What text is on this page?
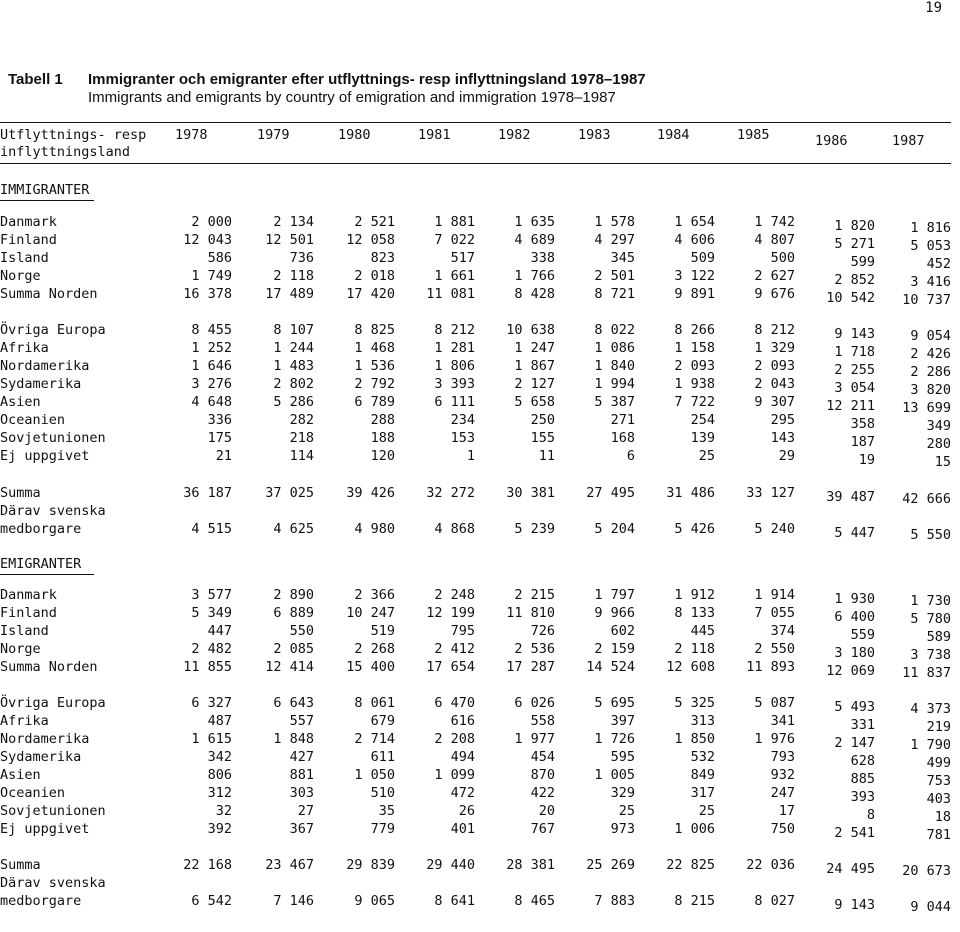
19
Tabell 1 Immigranter och emigranter efter utflyttnings- resp inflyttningsland 1978–1987
Immigrants and emigrants by country of emigration and immigration 1978–1987
Utflyttnings- resp
inflyttningsland
1978	1979	1980	1981	1982	1983	1984	1985	1986	1987
IMMIGRANTER
Danmark	2 000	2 134	2 521	1 881	1 635	1 578	1 654	1 742	1 820	1 816
Finland	12 043	12 501	12 058	7 022	4 689	4 297	4 606	4 807	5 271	5 053
Island	586	736	823	517	338	345	509	500	599	452
Norge	1 749	2 118	2 018	1 661	1 766	2 501	3 122	2 627	2 852	3 416
Summa Norden	16 378	17 489	17 420	11 081	8 428	8 721	9 891	9 676	10 542	10 737
Övriga Europa	8 455	8 107	8 825	8 212	10 638	8 022	8 266	8 212	9 143	9 054
Afrika	1 252	1 244	1 468	1 281	1 247	1 086	1 158	1 329	1 718	2 426
Nordamerika	1 646	1 483	1 536	1 806	1 867	1 840	2 093	2 093	2 255	2 286
Sydamerika	3 276	2 802	2 792	3 393	2 127	1 994	1 938	2 043	3 054	3 820
Asien	4 648	5 286	6 789	6 111	5 658	5 387	7 722	9 307	12 211	13 699
Oceanien	336	282	288	234	250	271	254	295	358	349
Sovjetunionen	175	218	188	153	155	168	139	143	187	280
Ej uppgivet	21	114	120	1	11	6	25	29	19	15
Summa	36 187	37 025	39 426	32 272	30 381	27 495	31 486	33 127	39 487	42 666
Därav svenska
medborgare	4 515	4 625	4 980	4 868	5 239	5 204	5 426	5 240	5 447	5 550
EMIGRANTER
Danmark	3 577	2 890	2 366	2 248	2 215	1 797	1 912	1 914	1 930	1 730
Finland	5 349	6 889	10 247	12 199	11 810	9 966	8 133	7 055	6 400	5 780
Island	447	550	519	795	726	602	445	374	559	589
Norge	2 482	2 085	2 268	2 412	2 536	2 159	2 118	2 550	3 180	3 738
Summa Norden	11 855	12 414	15 400	17 654	17 287	14 524	12 608	11 893	12 069	11 837
Övriga Europa	6 327	6 643	8 061	6 470	6 026	5 695	5 325	5 087	5 493	4 373
Afrika	487	557	679	616	558	397	313	341	331	219
Nordamerika	1 615	1 848	2 714	2 208	1 977	1 726	1 850	1 976	2 147	1 790
Sydamerika	342	427	611	494	454	595	532	793	628	499
Asien	806	881	1 050	1 099	870	1 005	849	932	885	753
Oceanien	312	303	510	472	422	329	317	247	393	403
Sovjetunionen	32	27	35	26	20	25	25	17	8	18
Ej uppgivet	392	367	779	401	767	973	1 006	750	2 541	781
Summa	22 168	23 467	29 839	29 440	28 381	25 269	22 825	22 036	24 495	20 673
Därav svenska
medborgare	6 542	7 146	9 065	8 641	8 465	7 883	8 215	8 027	9 143	9 044
